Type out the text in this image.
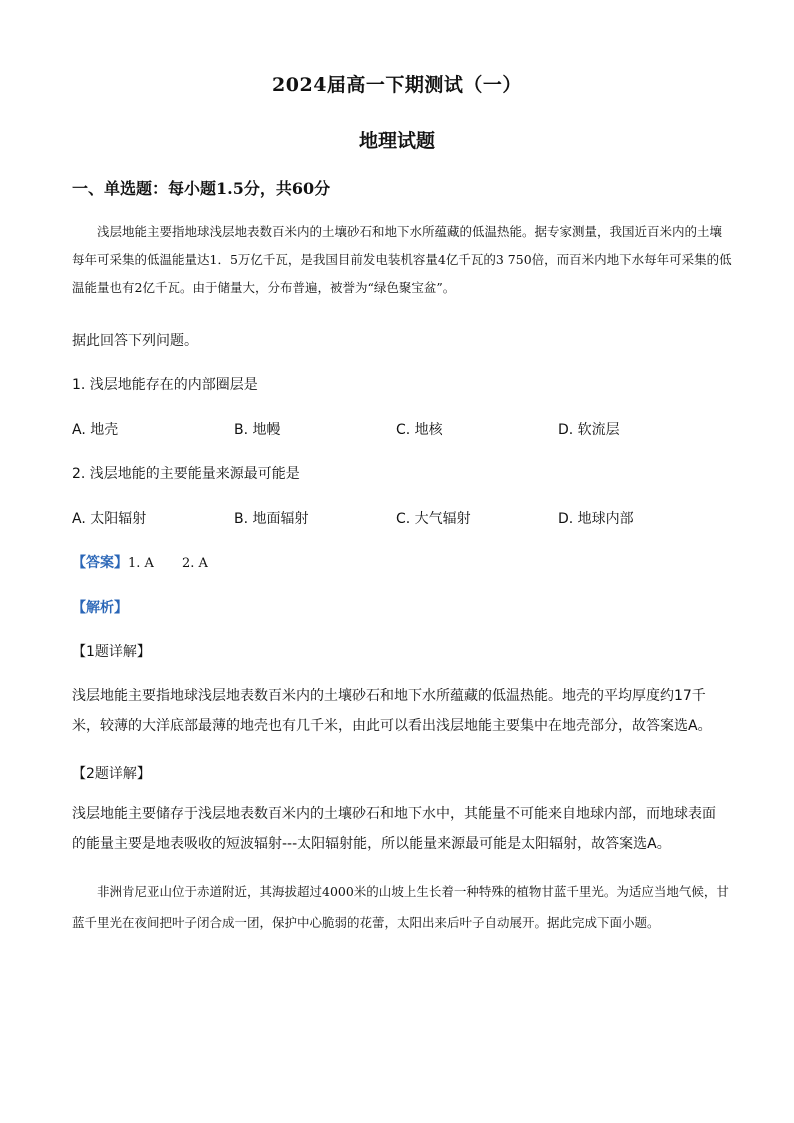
2024届高一下期测试（一）
地理试题
一、单选题：每小题1.5分，共60分

浅层地能主要指地球浅层地表数百米内的土壤砂石和地下水所蕴藏的低温热能。据专家测量，我国近百米内的土壤每年可采集的低温能量达1．5万亿千瓦，是我国目前发电装机容量4亿千瓦的3 750倍，而百米内地下水每年可采集的低温能量也有2亿千瓦。由于储量大，分布普遍，被誉为“绿色聚宝盆”。

据此回答下列问题。
1. 浅层地能存在的内部圈层是
A. 地壳	B. 地幔	C. 地核	D. 软流层
2. 浅层地能的主要能量来源最可能是
A. 太阳辐射	B. 地面辐射	C. 大气辐射	D. 地球内部
【答案】1. A 2. A
【解析】
【1题详解】

浅层地能主要指地球浅层地表数百米内的土壤砂石和地下水所蕴藏的低温热能。地壳的平均厚度约17千米，较薄的大洋底部最薄的地壳也有几千米，由此可以看出浅层地能主要集中在地壳部分，故答案选A。

【2题详解】

浅层地能主要储存于浅层地表数百米内的土壤砂石和地下水中，其能量不可能来自地球内部，而地球表面的能量主要是地表吸收的短波辐射---太阳辐射能，所以能量来源最可能是太阳辐射，故答案选A。

非洲肯尼亚山位于赤道附近，其海拔超过4000米的山坡上生长着一种特殊的植物甘蓝千里光。为适应当地气候，甘蓝千里光在夜间把叶子闭合成一团，保护中心脆弱的花蕾，太阳出来后叶子自动展开。据此完成下面小题。
